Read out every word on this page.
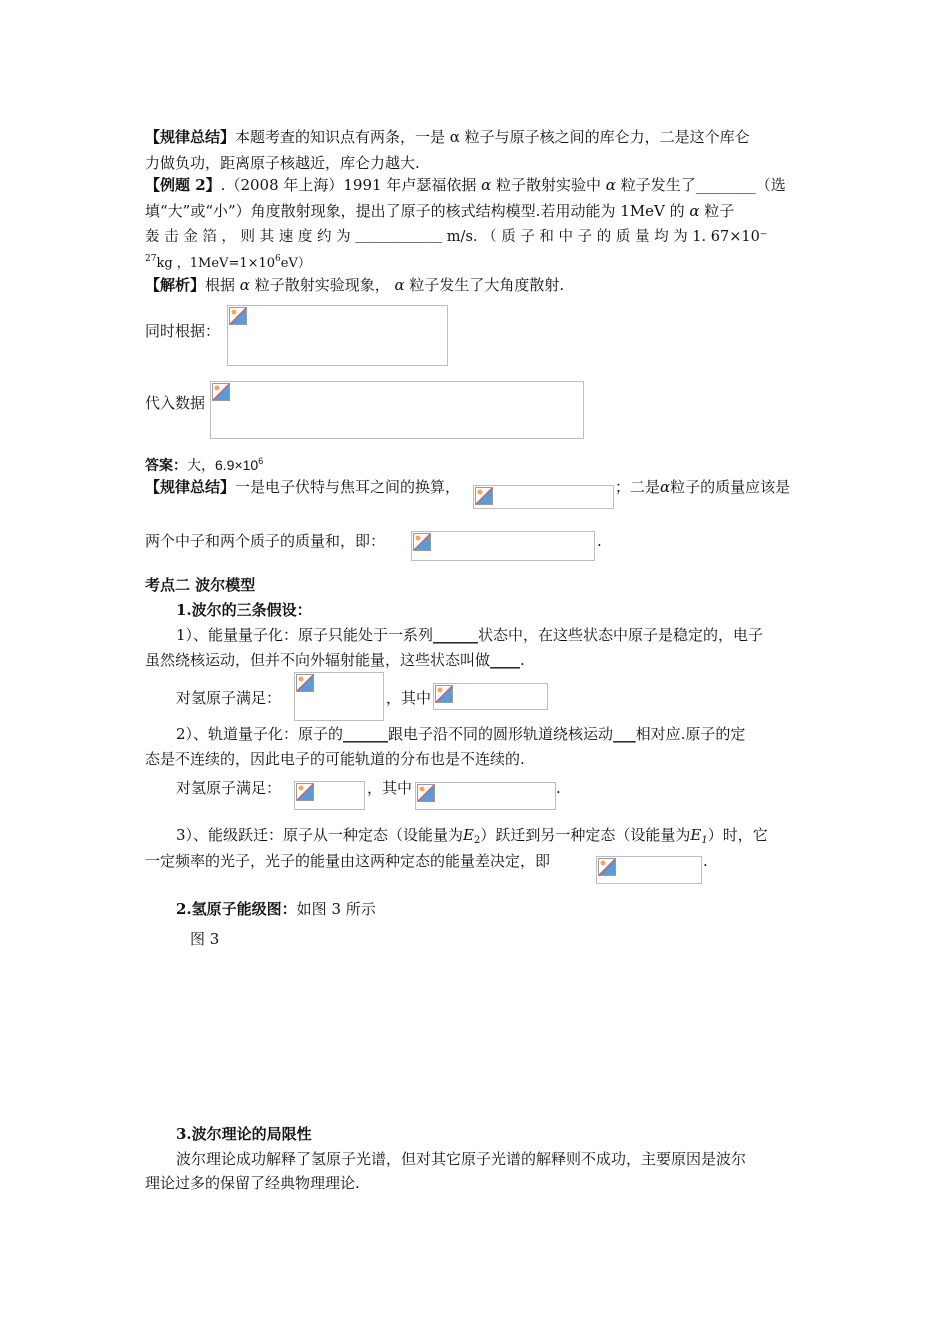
【规律总结】本题考查的知识点有两条，一是 α 粒子与原子核之间的库仑力，二是这个库仑
力做负功，距离原子核越近，库仑力越大.
【例题 2】.（2008 年上海）1991 年卢瑟福依据 α 粒子散射实验中 α 粒子发生了________（选
填“大”或“小”）角度散射现象，提出了原子的核式结构模型.若用动能为 1MeV 的 α 粒子
轰 击 金 箔 ， 则 其 速 度 约 为 ＿＿＿＿＿＿ m/s. （ 质 子 和 中 子 的 质 量 均 为 1. 67×10⁻
$^{27}$kg ，$1MeV=1\times 10^6eV$）
【解析】根据 α 粒子散射实验现象， α 粒子发生了大角度散射.
同时根据：
代入数据
答案：大，$6.9\times 10^6$
【规律总结】一是电子伏特与焦耳之间的换算，	；二是α粒子的质量应该是
两个中子和两个质子的质量和，即：	.
考点二 波尔模型
1.波尔的三条假设：
1）、能量量子化：原子只能处于一系列______状态中，在这些状态中原子是稳定的，电子
虽然绕核运动，但并不向外辐射能量，这些状态叫做____.
对氢原子满足：	，其中
2）、轨道量子化：原子的______跟电子沿不同的圆形轨道绕核运动___相对应.原子的定
态是不连续的，因此电子的可能轨道的分布也是不连续的.
对氢原子满足：	，其中	.
3）、能级跃迁：原子从一种定态（设能量为$E_2$）跃迁到另一种定态（设能量为$E_1$）时，它
一定频率的光子，光子的能量由这两种定态的能量差决定，即	.
2.氢原子能级图：如图 3 所示
图 3
3.波尔理论的局限性
波尔理论成功解释了氢原子光谱，但对其它原子光谱的解释则不成功，主要原因是波尔
理论过多的保留了经典物理理论.
